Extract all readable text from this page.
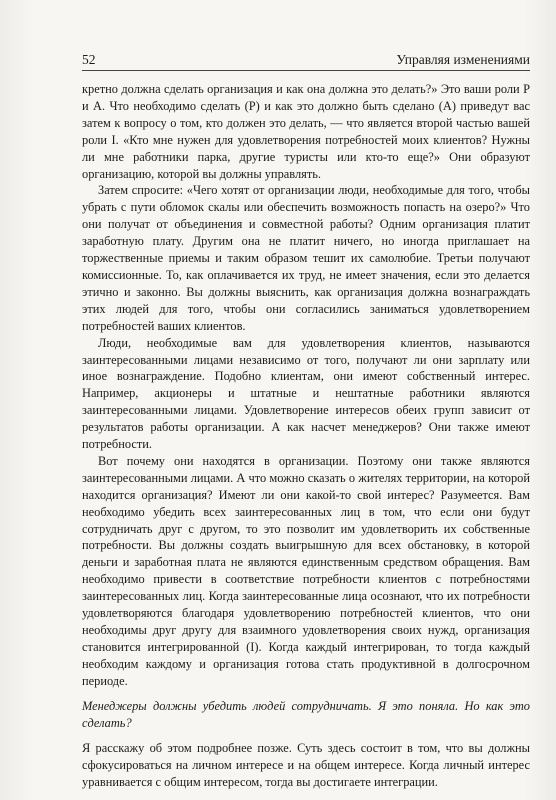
52	Управляя изменениями

кретно должна сделать организация и как она должна это делать?» Это ваши роли P и A. Что необходимо сделать (P) и как это должно быть сделано (A) приведут вас затем к вопросу о том, кто должен это делать, — что является второй частью вашей роли I. «Кто мне нужен для удовлетворения потребностей моих клиентов? Нужны ли мне работники парка, другие туристы или кто-то еще?» Они образуют организацию, которой вы должны управлять.

Затем спросите: «Чего хотят от организации люди, необходимые для того, чтобы убрать с пути обломок скалы или обеспечить возможность попасть на озеро?» Что они получат от объединения и совместной работы? Одним организация платит заработную плату. Другим она не платит ничего, но иногда приглашает на торжественные приемы и таким образом тешит их самолюбие. Третьи получают комиссионные. То, как оплачивается их труд, не имеет значения, если это делается этично и законно. Вы должны выяснить, как организация должна вознаграждать этих людей для того, чтобы они согласились заниматься удовлетворением потребностей ваших клиентов.

Люди, необходимые вам для удовлетворения клиентов, называются заинтересованными лицами независимо от того, получают ли они зарплату или иное вознаграждение. Подобно клиентам, они имеют собственный интерес. Например, акционеры и штатные и нештатные работники являются заинтересованными лицами. Удовлетворение интересов обеих групп зависит от результатов работы организации. А как насчет менеджеров? Они также имеют потребности.

Вот почему они находятся в организации. Поэтому они также являются заинтересованными лицами. А что можно сказать о жителях территории, на которой находится организация? Имеют ли они какой-то свой интерес? Разумеется. Вам необходимо убедить всех заинтересованных лиц в том, что если они будут сотрудничать друг с другом, то это позволит им удовлетворить их собственные потребности. Вы должны создать выигрышную для всех обстановку, в которой деньги и заработная плата не являются единственным средством обращения. Вам необходимо привести в соответствие потребности клиентов с потребностями заинтересованных лиц. Когда заинтересованные лица осознают, что их потребности удовлетворяются благодаря удовлетворению потребностей клиентов, что они необходимы друг другу для взаимного удовлетворения своих нужд, организация становится интегрированной (I). Когда каждый интегрирован, то тогда каждый необходим каждому и организация готова стать продуктивной в долгосрочном периоде.

Менеджеры должны убедить людей сотрудничать. Я это поняла. Но как это сделать?

Я расскажу об этом подробнее позже. Суть здесь состоит в том, что вы должны сфокусироваться на личном интересе и на общем интересе. Когда личный интерес уравнивается с общим интересом, тогда вы достигаете интеграции.
